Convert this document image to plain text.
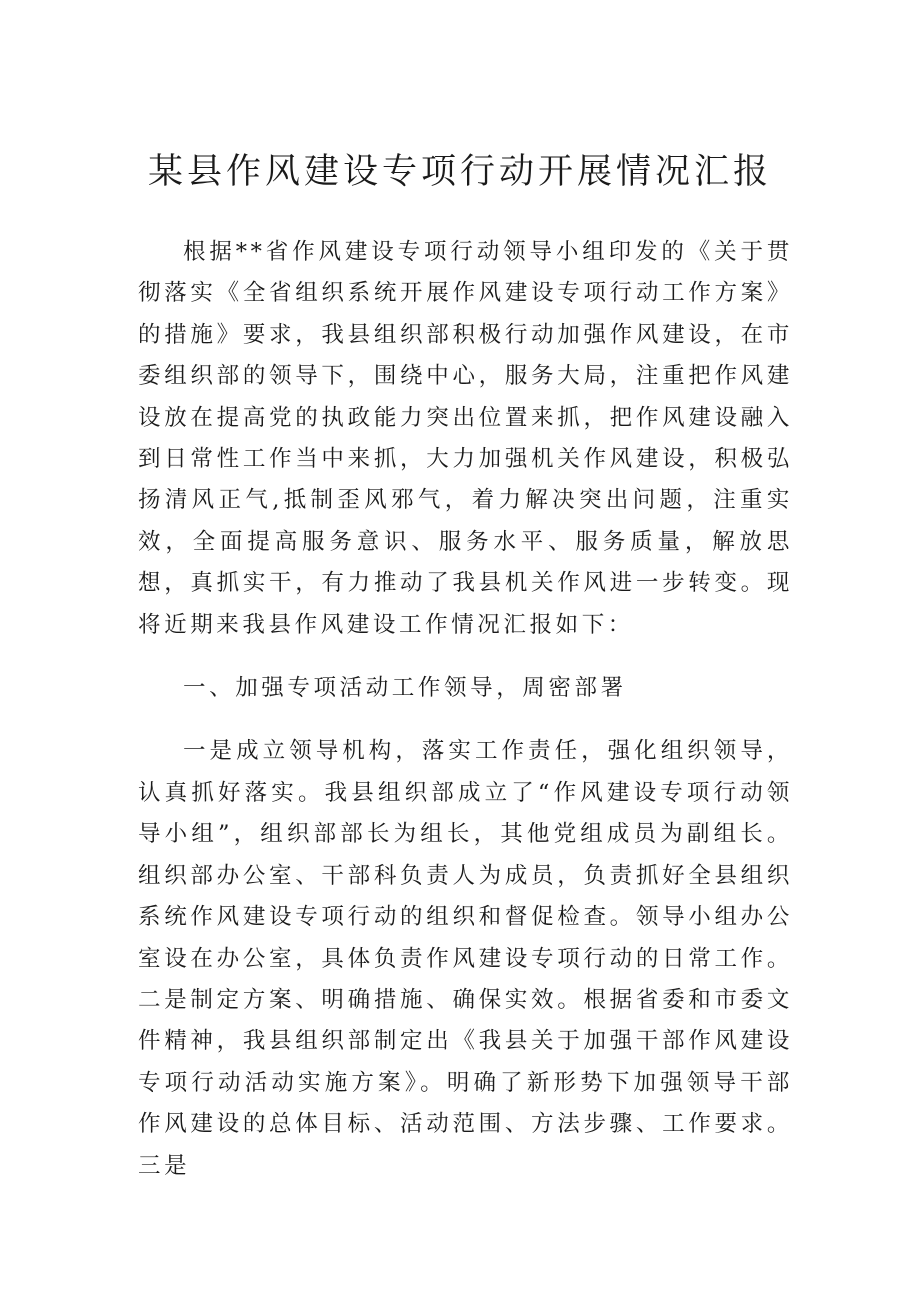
某县作风建设专项行动开展情况汇报

根据**省作风建设专项行动领导小组印发的《关于贯彻落实《全省组织系统开展作风建设专项行动工作方案》的措施》要求，我县组织部积极行动加强作风建设，在市委组织部的领导下，围绕中心，服务大局，注重把作风建设放在提高党的执政能力突出位置来抓，把作风建设融入到日常性工作当中来抓，大力加强机关作风建设，积极弘扬清风正气,抵制歪风邪气，着力解决突出问题，注重实效，全面提高服务意识、服务水平、服务质量，解放思想，真抓实干，有力推动了我县机关作风进一步转变。现将近期来我县作风建设工作情况汇报如下：

一、加强专项活动工作领导，周密部署

一是成立领导机构，落实工作责任，强化组织领导，认真抓好落实。我县组织部成立了“作风建设专项行动领导小组”，组织部部长为组长，其他党组成员为副组长。组织部办公室、干部科负责人为成员，负责抓好全县组织系统作风建设专项行动的组织和督促检查。领导小组办公室设在办公室，具体负责作风建设专项行动的日常工作。二是制定方案、明确措施、确保实效。根据省委和市委文件精神，我县组织部制定出《我县关于加强干部作风建设专项行动活动实施方案》。明确了新形势下加强领导干部作风建设的总体目标、活动范围、方法步骤、工作要求。三是
